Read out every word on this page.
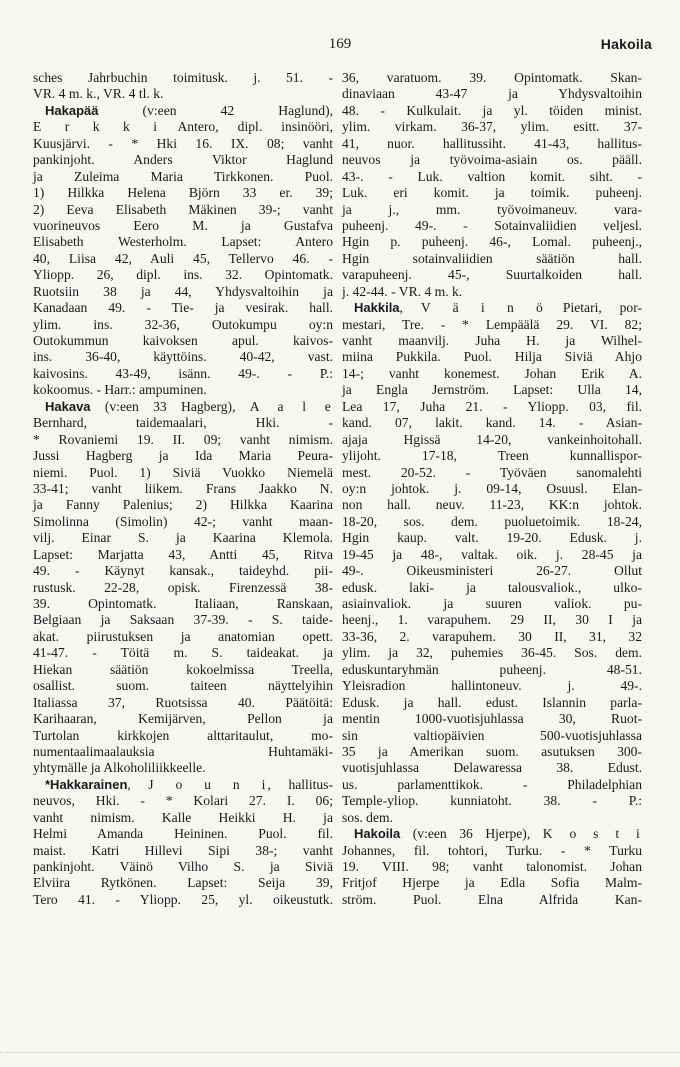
169	Hakoila
sches Jahrbuchin toimitusk. j. 51. -
VR. 4 m. k., VR. 4 tl. k.
Hakapää (v:een 42 Haglund),
E r k k i Antero, dipl. insinööri,
Kuusjärvi. - * Hki 16. IX. 08; vanht
pankinjoht. Anders Viktor Haglund
ja Zuleima Maria Tirkkonen. Puol.
1) Hilkka Helena Björn 33 er. 39;
2) Eeva Elisabeth Mäkinen 39-; vanht
vuorineuvos Eero M. ja Gustafva
Elisabeth Westerholm. Lapset: Antero
40, Liisa 42, Auli 45, Tellervo 46. -
Yliopp. 26, dipl. ins. 32. Opintomatk.
Ruotsiin 38 ja 44, Yhdysvaltoihin ja
Kanadaan 49. - Tie- ja vesirak. hall.
ylim. ins. 32-36, Outokumpu oy:n
Outokummun kaivoksen apul. kaivos-
ins. 36-40, käyttöins. 40-42, vast.
kaivosins. 43-49, isänn. 49-. - P.:
kokoomus. - Harr.: ampuminen.
Hakava (v:een 33 Hagberg), A a l e
Bernhard, taidemaalari, Hki. -
* Rovaniemi 19. II. 09; vanht nimism.
Jussi Hagberg ja Ida Maria Peura-
niemi. Puol. 1) Siviä Vuokko Niemelä
33-41; vanht liikem. Frans Jaakko N.
ja Fanny Palenius; 2) Hilkka Kaarina
Simolinna (Simolin) 42-; vanht maan-
vilj. Einar S. ja Kaarina Klemola.
Lapset: Marjatta 43, Antti 45, Ritva
49. - Käynyt kansak., taideyhd. pii-
rustusk. 22-28, opisk. Firenzessä 38-
39. Opintomatk. Italiaan, Ranskaan,
Belgiaan ja Saksaan 37-39. - S. taide-
akat. piirustuksen ja anatomian opett.
41-47. - Töitä m. S. taideakat. ja
Hiekan säätiön kokoelmissa Treella,
osallist. suom. taiteen näyttelyihin
Italiassa 37, Ruotsissa 40. Päätöitä:
Karihaaran, Kemijärven, Pellon ja
Turtolan kirkkojen alttaritaulut, mo-
numentaalimaalauksia Huhtamäki-
yhtymälle ja Alkoholiliikkeelle.
*Hakkarainen, J o u n i, hallitus-
neuvos, Hki. - * Kolari 27. I. 06;
vanht nimism. Kalle Heikki H. ja
Helmi Amanda Heininen. Puol. fil.
maist. Katri Hillevi Sipi 38-; vanht
pankinjoht. Väinö Vilho S. ja Siviä
Elviira Rytkönen. Lapset: Seija 39,
Tero 41. - Yliopp. 25, yl. oikeustutk.
36, varatuom. 39. Opintomatk. Skan-
dinaviaan 43-47 ja Yhdysvaltoihin
48. - Kulkulait. ja yl. töiden minist.
ylim. virkam. 36-37, ylim. esitt. 37-
41, nuor. hallitussiht. 41-43, hallitus-
neuvos ja työvoima-asiain os. pääll.
43-. - Luk. valtion komit. siht. -
Luk. eri komit. ja toimik. puheenj.
ja j., mm. työvoimaneuv. vara-
puheenj. 49-. - Sotainvaliidien veljesl.
Hgin p. puheenj. 46-, Lomal. puheenj.,
Hgin sotainvaliidien säätiön hall.
varapuheenj. 45-, Suurtalkoiden hall.
j. 42-44. - VR. 4 m. k.
Hakkila, V ä i n ö Pietari, por-
mestari, Tre. - * Lempäälä 29. VI. 82;
vanht maanvilj. Juha H. ja Wilhel-
miina Pukkila. Puol. Hilja Siviä Ahjo
14-; vanht konemest. Johan Erik A.
ja Engla Jernström. Lapset: Ulla 14,
Lea 17, Juha 21. - Yliopp. 03, fil.
kand. 07, lakit. kand. 14. - Asian-
ajaja Hgissä 14-20, vankeinhoitohall.
ylijoht. 17-18, Treen kunnallispor-
mest. 20-52. - Työväen sanomalehti
oy:n johtok. j. 09-14, Osuusl. Elan-
non hall. neuv. 11-23, KK:n johtok.
18-20, sos. dem. puoluetoimik. 18-24,
Hgin kaup. valt. 19-20. Edusk. j.
19-45 ja 48-, valtak. oik. j. 28-45 ja
49-. Oikeusministeri 26-27. Ollut
edusk. laki- ja talousvaliok., ulko-
asiainvaliok. ja suuren valiok. pu-
heenj., 1. varapuhem. 29 II, 30 I ja
33-36, 2. varapuhem. 30 II, 31, 32
ylim. ja 32, puhemies 36-45. Sos. dem.
eduskuntaryhmän puheenj. 48-51.
Yleisradion hallintoneuv. j. 49-.
Edusk. ja hall. edust. Islannin parla-
mentin 1000-vuotisjuhlassa 30, Ruot-
sin valtiopäivien 500-vuotisjuhlassa
35 ja Amerikan suom. asutuksen 300-
vuotisjuhlassa Delawaressa 38. Edust.
us. parlamenttikok. - Philadelphian
Temple-yliop. kunniatoht. 38. - P.:
sos. dem.
Hakoila (v:een 36 Hjerpe), K o s t i
Johannes, fil. tohtori, Turku. - * Turku
19. VIII. 98; vanht talonomist. Johan
Fritjof Hjerpe ja Edla Sofia Malm-
ström. Puol. Elna Alfrida Kan-
